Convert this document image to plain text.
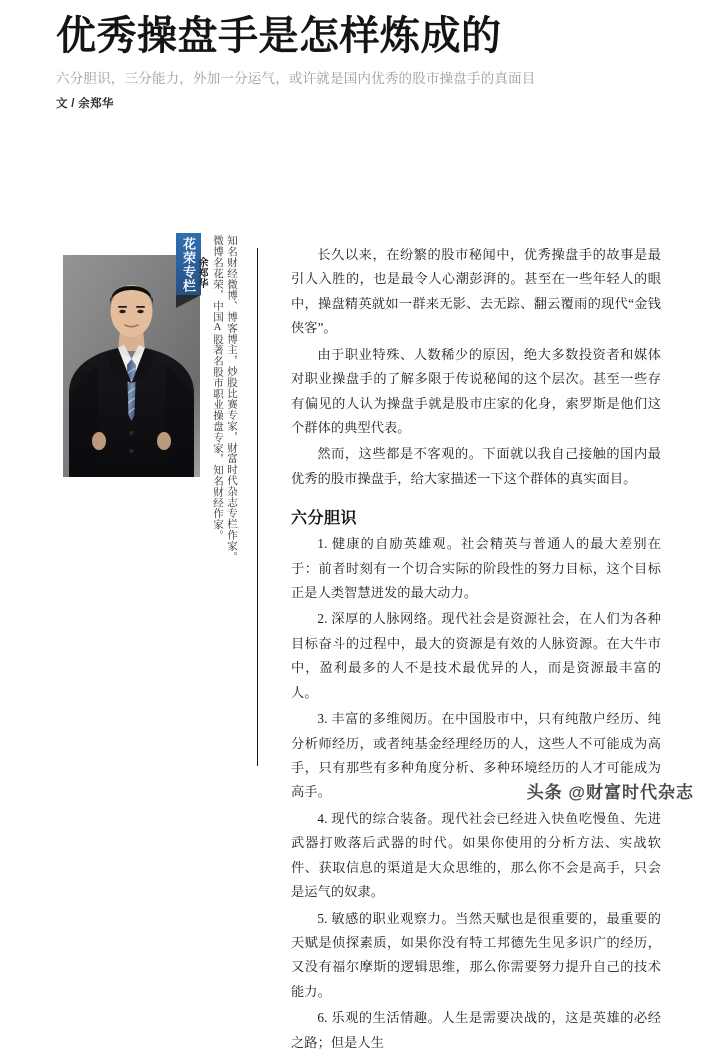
优秀操盘手是怎样炼成的
六分胆识，三分能力，外加一分运气，或许就是国内优秀的股市操盘手的真面目
文 / 余郑华
花荣专栏	知名财经微博、博客博主，炒股比赛专家，财富时代杂志专栏作家。
微博名花荣，中国A股著名股市职业操盘专家，知名财经作家。
余郑华

长久以来，在纷繁的股市秘闻中，优秀操盘手的故事是最引人入胜的，也是最令人心潮彭湃的。甚至在一些年轻人的眼中，操盘精英就如一群来无影、去无踪、翻云覆雨的现代“金钱侠客”。

由于职业特殊、人数稀少的原因，绝大多数投资者和媒体对职业操盘手的了解多限于传说秘闻的这个层次。甚至一些存有偏见的人认为操盘手就是股市庄家的化身，索罗斯是他们这个群体的典型代表。

然而，这些都是不客观的。下面就以我自己接触的国内最优秀的股市操盘手，给大家描述一下这个群体的真实面目。

六分胆识

1. 健康的自励英雄观。社会精英与普通人的最大差别在于：前者时刻有一个切合实际的阶段性的努力目标，这个目标正是人类智慧迸发的最大动力。

2. 深厚的人脉网络。现代社会是资源社会，在人们为各种目标奋斗的过程中，最大的资源是有效的人脉资源。在大牛市中，盈利最多的人不是技术最优异的人，而是资源最丰富的人。

3. 丰富的多维阅历。在中国股市中，只有纯散户经历、纯分析师经历，或者纯基金经理经历的人，这些人不可能成为高手，只有那些有多种角度分析、多种环境经历的人才可能成为高手。

4. 现代的综合装备。现代社会已经进入快鱼吃慢鱼、先进武器打败落后武器的时代。如果你使用的分析方法、实战软件、获取信息的渠道是大众思维的，那么你不会是高手，只会是运气的奴隶。

5. 敏感的职业观察力。当然天赋也是很重要的，最重要的天赋是侦探素质，如果你没有特工邦德先生见多识广的经历，又没有福尔摩斯的逻辑思维，那么你需要努力提升自己的技术能力。

6. 乐观的生活情趣。人生是需要决战的，这是英雄的必经之路；但是人生

头条 @财富时代杂志
